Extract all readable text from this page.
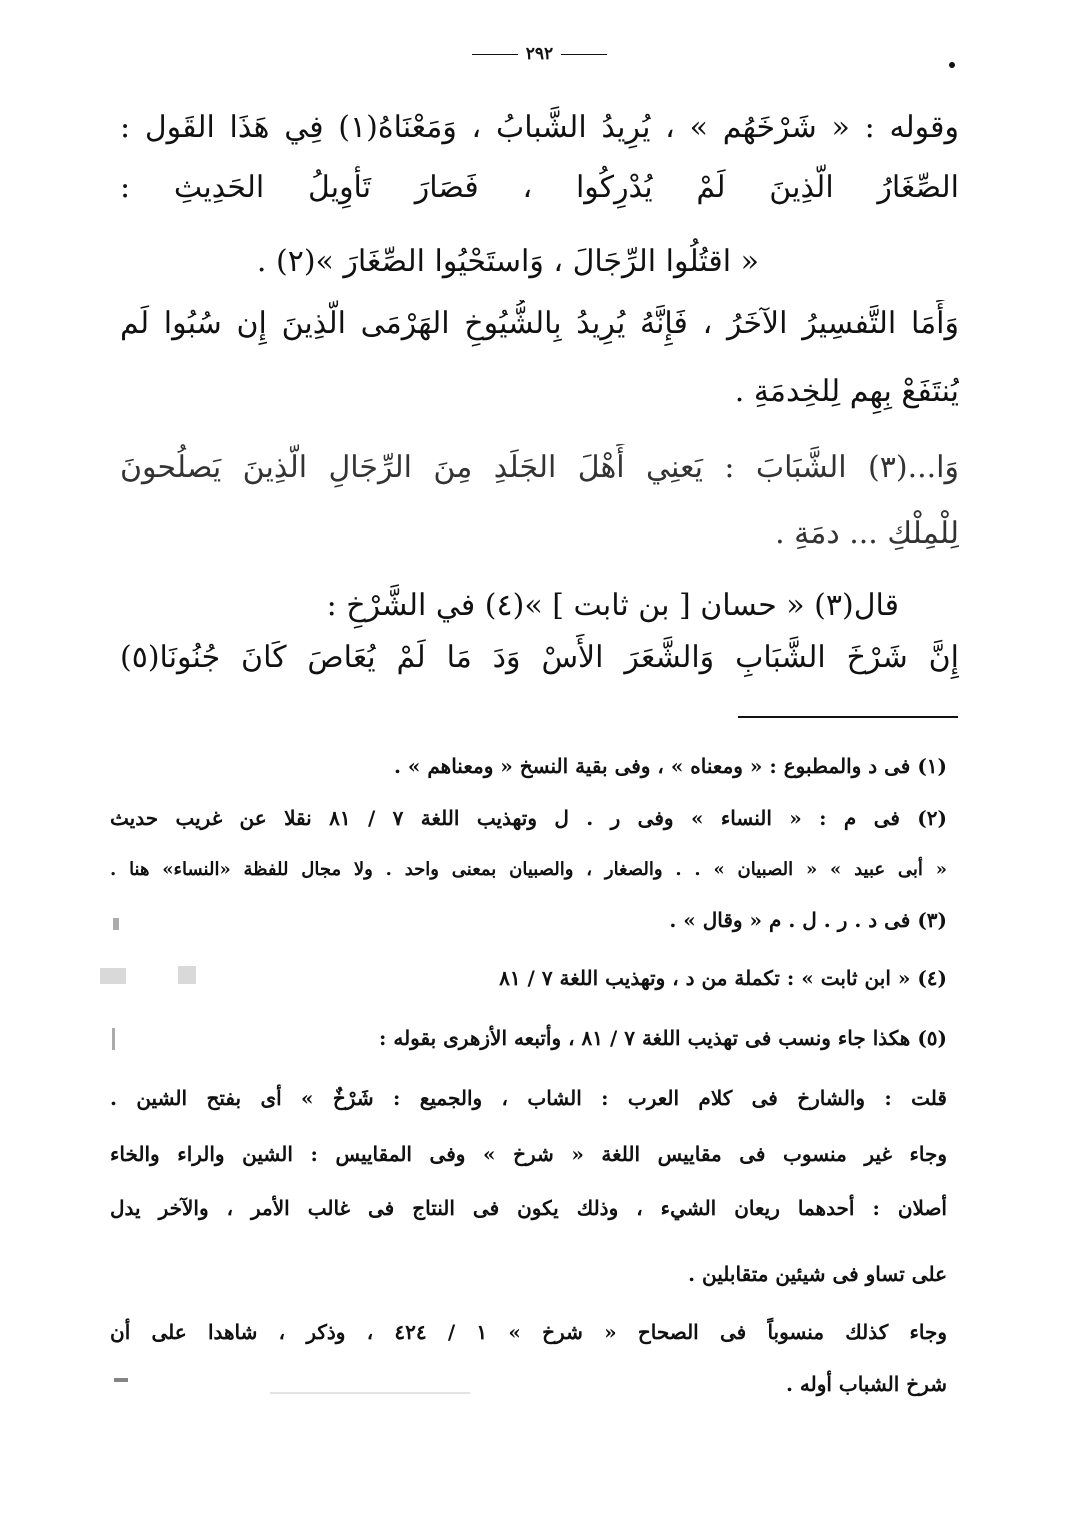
٢٩٢
وقوله : « شَرْخَهُم » ، يُرِيدُ الشَّبابُ ، وَمَعْنَاهُ(١) فِي هَذَا القَول :
الصِّغَارُ الَّذِينَ لَمْ يُدْرِكُوا ، فَصَارَ تَأْوِيلُ الحَدِيثِ :
« اقتُلُوا الرِّجَالَ ، وَاستَحْيُوا الصِّغَارَ »(٢) .
وَأَمَا التَّفسِيرُ الآخَرُ ، فَإِنَّهُ يُرِيدُ بِالشُّيُوخِ الهَرْمَى الَّذِينَ إِن سُبُوا لَم
يُنتَفَعْ بِهِم لِلخِدمَةِ .
وَا...(٣) الشَّبَابَ : يَعنِي أَهْلَ الجَلَدِ مِنَ الرِّجَالِ الَّذِينَ يَصلُحونَ
لِلْمِلْكِ ... دمَةِ .
قال(٣) « حسان [ بن ثابت ] »(٤) في الشَّرْخِ :
إِنَّ شَرْخَ الشَّبَابِ وَالشَّعَرَ الأَسْ وَدَ مَا لَمْ يُعَاصَ كَانَ جُنُونَا(٥)
(١) فى د والمطبوع : « ومعناه » ، وفى بقية النسخ « ومعناهم » .
(٢) فى م : « النساء » وفى ر . ل وتهذيب اللغة ٧ / ٨١ نقلا عن غريب حديث
« أبى عبيد » « الصبيان » . . والصغار ، والصبيان بمعنى واحد . ولا مجال للفظة «النساء» هنا .
(٣) فى د . ر . ل . م « وقال » .
(٤) « ابن ثابت » : تكملة من د ، وتهذيب اللغة ٧ / ٨١
(٥) هكذا جاء ونسب فى تهذيب اللغة ٧ / ٨١ ، وأتبعه الأزهرى بقوله :
قلت : والشارخ فى كلام العرب : الشاب ، والجميع : شَرْخٌ » أى بفتح الشين .
وجاء غير منسوب فى مقاييس اللغة « شرخ » وفى المقاييس : الشين والراء والخاء
أصلان : أحدهما ريعان الشيء ، وذلك يكون فى النتاج فى غالب الأمر ، والآخر يدل
على تساو فى شيئين متقابلين .
وجاء كذلك منسوباً فى الصحاح « شرخ » ١ / ٤٢٤ ، وذكر ، شاهدا على أن
شرخ الشباب أوله .
